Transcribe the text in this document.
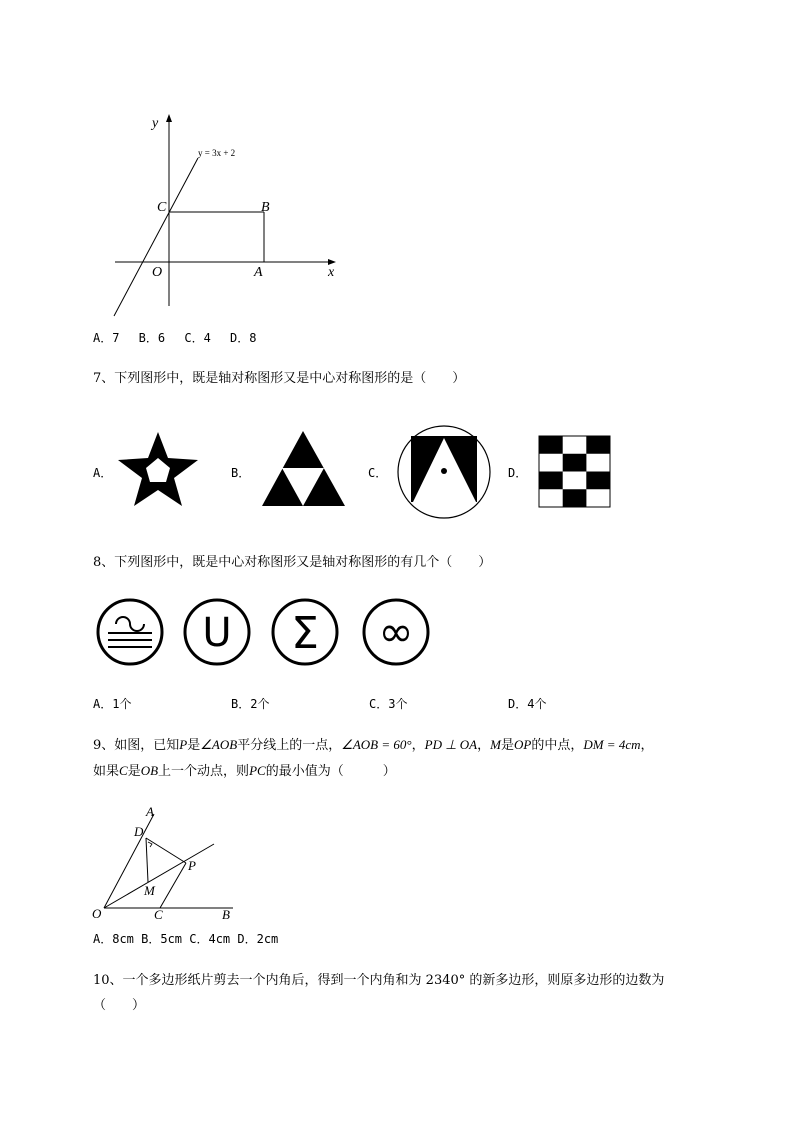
y
x
y = 3x + 2
C	B
O	A
A．7　 B．6　 C．4　 D．8
7、下列图形中，既是轴对称图形又是中心对称图形的是（　　）
A．	B．	C．	D．
8、下列图形中，既是中心对称图形又是轴对称图形的有几个（　　）
U Σ ∞
A．1个	B．2个	C．3个	D．4个
9、如图，已知P是∠AOB平分线上的一点，∠AOB = 60°，PD ⊥ OA，M是OP的中点，DM = 4cm，
如果C是OB上一个动点，则PC的最小值为（　　　）
A
D
P
M
O	C	B
A．8cm B．5cm C．4cm D．2cm
10、一个多边形纸片剪去一个内角后，得到一个内角和为 2340° 的新多边形，则原多边形的边数为
（　　）
